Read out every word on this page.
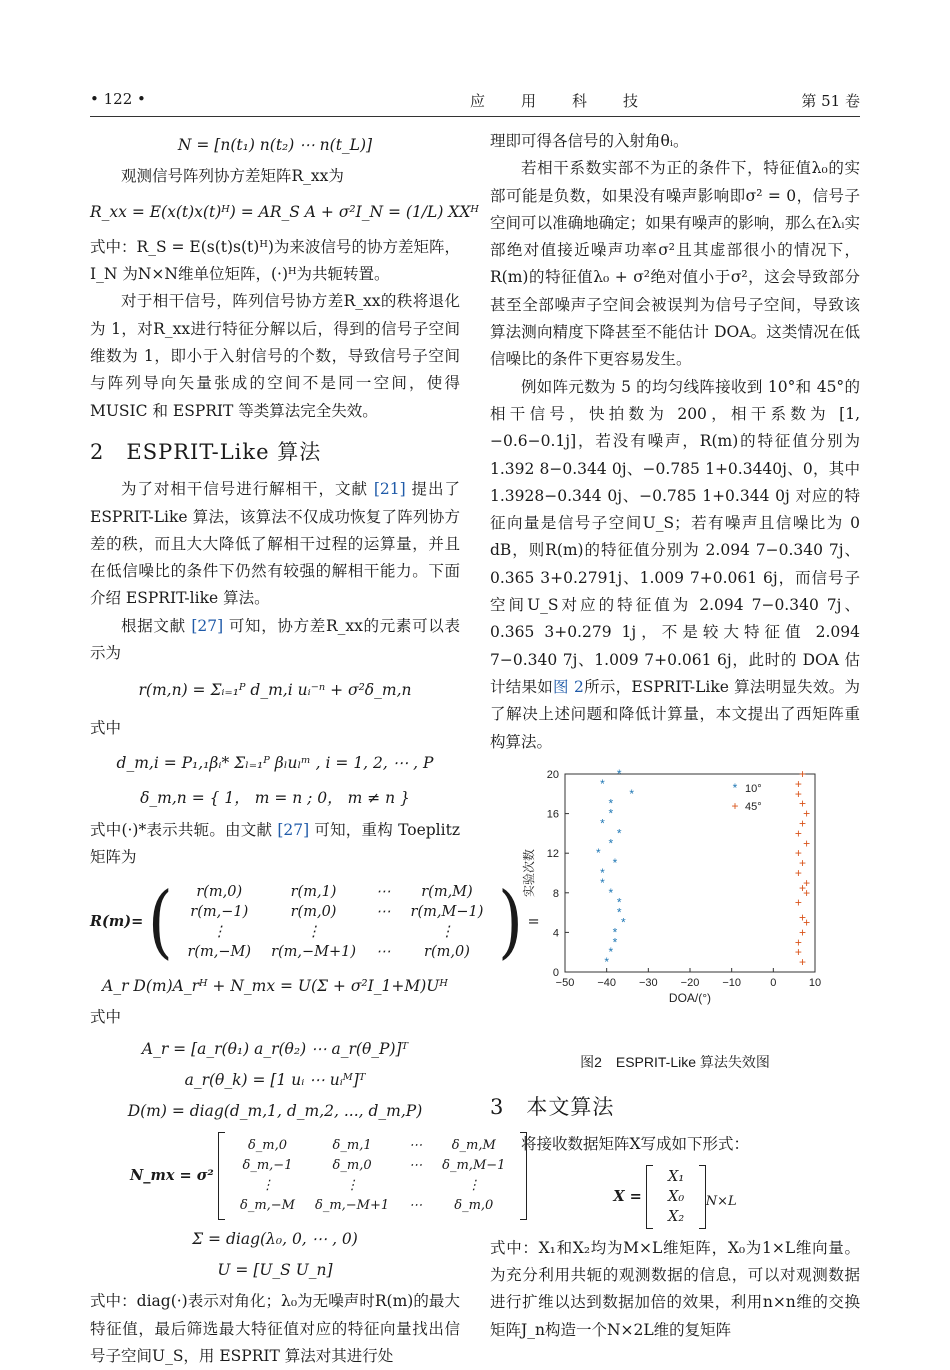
• 122 •	应　　用　　科　　技	第 51 卷
N = [n(t₁) n(t₂) ⋯ n(t_L)]

观测信号阵列协方差矩阵R_xx为

R_xx = E(x(t)x(t)ᴴ) = AR_S A + σ²I_N = (1/L) XXᴴ

式中：R_S = E(s(t)s(t)ᴴ)为来波信号的协方差矩阵，I_N 为N×N维单位矩阵，(·)ᴴ为共轭转置。

对于相干信号，阵列信号协方差R_xx的秩将退化为 1，对R_xx进行特征分解以后，得到的信号子空间维数为 1，即小于入射信号的个数，导致信号子空间与阵列导向矢量张成的空间不是同一空间，使得 MUSIC 和 ESPRIT 等类算法完全失效。

2　ESPRIT-Like 算法

为了对相干信号进行解相干，文献 [21] 提出了 ESPRIT-Like 算法，该算法不仅成功恢复了阵列协方差的秩，而且大大降低了解相干过程的运算量，并且在低信噪比的条件下仍然有较强的解相干能力。下面介绍 ESPRIT-like 算法。

根据文献 [27] 可知，协方差R_xx的元素可以表示为

r(m,n) = Σᵢ₌₁ᴾ d_m,i uᵢ⁻ⁿ + σ²δ_m,n

式中

d_m,i = P₁,₁βᵢ* Σₗ₌₁ᴾ βₗuₗᵐ , i = 1, 2, ⋯ , P
δ_m,n = { 1， m = n ; 0， m ≠ n }

式中(·)*表示共轭。由文献 [27] 可知，重构 Toeplitz 矩阵为

R(m)= ( r(m,0)	r(m,1)	⋯	r(m,M)
r(m,−1)	r(m,0)	⋯	r(m,M−1)
⋮	⋮		⋮
r(m,−M)	r(m,−M+1)	⋯	r(m,0) ) =
A_r D(m)A_rᴴ + N_mx = U(Σ + σ²I_1+M)Uᴴ

式中

A_r = [a_r(θ₁) a_r(θ₂) ⋯ a_r(θ_P)]ᵀ
a_r(θ_k) = [1 uᵢ ⋯ uᵢᴹ]ᵀ
D(m) = diag(d_m,1, d_m,2, ..., d_m,P)
N_mx = σ²  δ_m,0	δ_m,1	⋯	δ_m,M
δ_m,−1	δ_m,0	⋯	δ_m,M−1
⋮	⋮		⋮
δ_m,−M	δ_m,−M+1	⋯	δ_m,0
Σ = diag(λ₀, 0, ⋯ , 0)
U = [U_S U_n]

式中：diag(·)表示对角化；λ₀为无噪声时R(m)的最大特征值，最后筛选最大特征值对应的特征向量找出信号子空间U_S，用 ESPRIT 算法对其进行处

理即可得各信号的入射角θᵢ。

若相干系数实部不为正的条件下，特征值λ₀的实部可能是负数，如果没有噪声影响即σ² = 0，信号子空间可以准确地确定；如果有噪声的影响，那么在λᵢ实部绝对值接近噪声功率σ²且其虚部很小的情况下，R(m)的特征值λ₀ + σ²绝对值小于σ²，这会导致部分甚至全部噪声子空间会被误判为信号子空间，导致该算法测向精度下降甚至不能估计 DOA。这类情况在低信噪比的条件下更容易发生。

例如阵元数为 5 的均匀线阵接收到 10°和 45°的相干信号，快拍数为 200，相干系数为 [1, −0.6−0.1j]，若没有噪声，R(m)的特征值分别为 1.392 8−0.344 0j、−0.785 1+0.3440j、0，其中 1.3928−0.344 0j、−0.785 1+0.344 0j 对应的特征向量是信号子空间U_S；若有噪声且信噪比为 0 dB，则R(m)的特征值分别为 2.094 7−0.340 7j、0.365 3+0.2791j、1.009 7+0.061 6j，而信号子空间U_S对应的特征值为 2.094 7−0.340 7j、0.365 3+0.279 1j，不是较大特征值 2.094 7−0.340 7j、1.009 7+0.061 6j，此时的 DOA 估计结果如图 2所示，ESPRIT-Like 算法明显失效。为了解决上述问题和降低计算量，本文提出了西矩阵重构算法。

−50 −40 −30 −20 −10	0	10
0
4
8
12
16
20
DOA/(°)
实验次数
*
*
*
*
*
*
*
*
*
*
*
*
*
*
*
*
*
*
*
*
* 10°
+
+
+
+
+
+
+
+
+
+
+
+
+
+
+
+
+
+
+
+
+
+ 45°
图2　ESPRIT-Like 算法失效图
3　本文算法

将接收数据矩阵X写成如下形式：

X =  X₁
X₀
X₂ $_{N\times L}$

式中：X₁和X₂均为M×L维矩阵，X₀为1×L维向量。为充分利用共轭的观测数据的信息，可以对观测数据进行扩维以达到数据加倍的效果，利用n×n维的交换矩阵J_n构造一个N×2L维的复矩阵
